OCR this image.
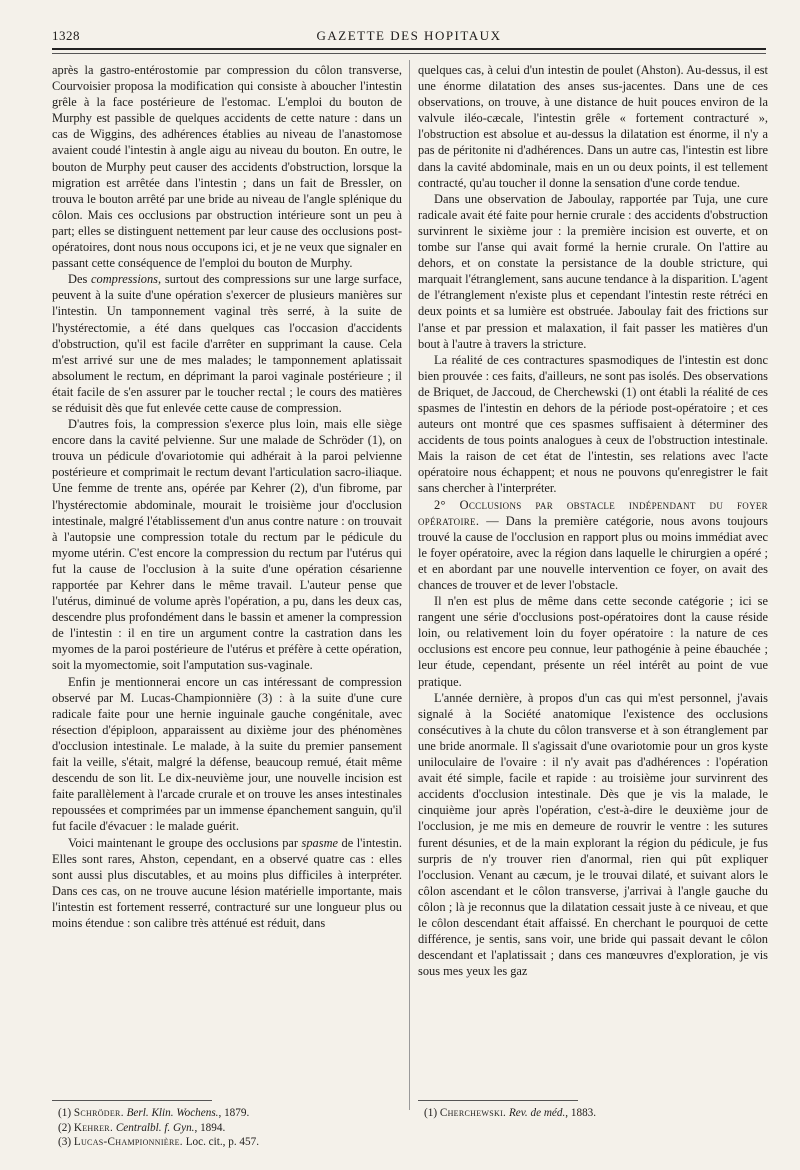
1328	GAZETTE DES HOPITAUX

après la gastro-entérostomie par compression du côlon transverse, Courvoisier proposa la modification qui consiste à aboucher l'intestin grêle à la face postérieure de l'estomac. L'emploi du bouton de Murphy est passible de quelques accidents de cette nature : dans un cas de Wiggins, des adhérences établies au niveau de l'anastomose avaient coudé l'intestin à angle aigu au niveau du bouton. En outre, le bouton de Murphy peut causer des accidents d'obstruction, lorsque la migration est arrêtée dans l'intestin ; dans un fait de Bressler, on trouva le bouton arrêté par une bride au niveau de l'angle splénique du côlon. Mais ces occlusions par obstruction intérieure sont un peu à part; elles se distinguent nettement par leur cause des occlusions post-opératoires, dont nous nous occupons ici, et je ne veux que signaler en passant cette conséquence de l'emploi du bouton de Murphy.

Des compressions, surtout des compressions sur une large surface, peuvent à la suite d'une opération s'exercer de plusieurs manières sur l'intestin. Un tamponnement vaginal très serré, à la suite de l'hystérectomie, a été dans quelques cas l'occasion d'accidents d'obstruction, qu'il est facile d'arrêter en supprimant la cause. Cela m'est arrivé sur une de mes malades; le tamponnement aplatissait absolument le rectum, en déprimant la paroi vaginale postérieure ; il était facile de s'en assurer par le toucher rectal ; le cours des matières se réduisit dès que fut enlevée cette cause de compression.

D'autres fois, la compression s'exerce plus loin, mais elle siège encore dans la cavité pelvienne. Sur une malade de Schröder (1), on trouva un pédicule d'ovariotomie qui adhérait à la paroi pelvienne postérieure et comprimait le rectum devant l'articulation sacro-iliaque. Une femme de trente ans, opérée par Kehrer (2), d'un fibrome, par l'hystérectomie abdominale, mourait le troisième jour d'occlusion intestinale, malgré l'établissement d'un anus contre nature : on trouvait à l'autopsie une compression totale du rectum par le pédicule du myome utérin. C'est encore la compression du rectum par l'utérus qui fut la cause de l'occlusion à la suite d'une opération césarienne rapportée par Kehrer dans le même travail. L'auteur pense que l'utérus, diminué de volume après l'opération, a pu, dans les deux cas, descendre plus profondément dans le bassin et amener la compression de l'intestin : il en tire un argument contre la castration dans les myomes de la paroi postérieure de l'utérus et préfère à cette opération, soit la myomectomie, soit l'amputation sus-vaginale.

Enfin je mentionnerai encore un cas intéressant de compression observé par M. Lucas-Championnière (3) : à la suite d'une cure radicale faite pour une hernie inguinale gauche congénitale, avec résection d'épiploon, apparaissent au dixième jour des phénomènes d'occlusion intestinale. Le malade, à la suite du premier pansement fait la veille, s'était, malgré la défense, beaucoup remué, était même descendu de son lit. Le dix-neuvième jour, une nouvelle incision est faite parallèlement à l'arcade crurale et on trouve les anses intestinales repoussées et comprimées par un immense épanchement sanguin, qu'il fut facile d'évacuer : le malade guérit.

Voici maintenant le groupe des occlusions par spasme de l'intestin. Elles sont rares, Ahston, cependant, en a observé quatre cas : elles sont aussi plus discutables, et au moins plus difficiles à interpréter. Dans ces cas, on ne trouve aucune lésion matérielle importante, mais l'intestin est fortement resserré, contracturé sur une longueur plus ou moins étendue : son calibre très atténué est réduit, dans

quelques cas, à celui d'un intestin de poulet (Ahston). Au-dessus, il est une énorme dilatation des anses sus-jacentes. Dans une de ces observations, on trouve, à une distance de huit pouces environ de la valvule iléo-cæcale, l'intestin grêle « fortement contracturé », l'obstruction est absolue et au-dessus la dilatation est énorme, il n'y a pas de péritonite ni d'adhérences. Dans un autre cas, l'intestin est libre dans la cavité abdominale, mais en un ou deux points, il est tellement contracté, qu'au toucher il donne la sensation d'une corde tendue.

Dans une observation de Jaboulay, rapportée par Tuja, une cure radicale avait été faite pour hernie crurale : des accidents d'obstruction survinrent le sixième jour : la première incision est ouverte, et on tombe sur l'anse qui avait formé la hernie crurale. On l'attire au dehors, et on constate la persistance de la double stricture, qui marquait l'étranglement, sans aucune tendance à la disparition. L'agent de l'étranglement n'existe plus et cependant l'intestin reste rétréci en deux points et sa lumière est obstruée. Jaboulay fait des frictions sur l'anse et par pression et malaxation, il fait passer les matières d'un bout à l'autre à travers la stricture.

La réalité de ces contractures spasmodiques de l'intestin est donc bien prouvée : ces faits, d'ailleurs, ne sont pas isolés. Des observations de Briquet, de Jaccoud, de Cherchewski (1) ont établi la réalité de ces spasmes de l'intestin en dehors de la période post-opératoire ; et ces auteurs ont montré que ces spasmes suffisaient à déterminer des accidents de tous points analogues à ceux de l'obstruction intestinale. Mais la raison de cet état de l'intestin, ses relations avec l'acte opératoire nous échappent; et nous ne pouvons qu'enregistrer le fait sans chercher à l'interpréter.

2° Occlusions par obstacle indépendant du foyer opératoire. — Dans la première catégorie, nous avons toujours trouvé la cause de l'occlusion en rapport plus ou moins immédiat avec le foyer opératoire, avec la région dans laquelle le chirurgien a opéré ; et en abordant par une nouvelle intervention ce foyer, on avait des chances de trouver et de lever l'obstacle.

Il n'en est plus de même dans cette seconde catégorie ; ici se rangent une série d'occlusions post-opératoires dont la cause réside loin, ou relativement loin du foyer opératoire : la nature de ces occlusions est encore peu connue, leur pathogénie à peine ébauchée ; leur étude, cependant, présente un réel intérêt au point de vue pratique.

L'année dernière, à propos d'un cas qui m'est personnel, j'avais signalé à la Société anatomique l'existence des occlusions consécutives à la chute du côlon transverse et à son étranglement par une bride anormale. Il s'agissait d'une ovariotomie pour un gros kyste uniloculaire de l'ovaire : il n'y avait pas d'adhérences : l'opération avait été simple, facile et rapide : au troisième jour survinrent des accidents d'occlusion intestinale. Dès que je vis la malade, le cinquième jour après l'opération, c'est-à-dire le deuxième jour de l'occlusion, je me mis en demeure de rouvrir le ventre : les sutures furent désunies, et de la main explorant la région du pédicule, je fus surpris de n'y trouver rien d'anormal, rien qui pût expliquer l'occlusion. Venant au cæcum, je le trouvai dilaté, et suivant alors le côlon ascendant et le côlon transverse, j'arrivai à l'angle gauche du côlon ; là je reconnus que la dilatation cessait juste à ce niveau, et que le côlon descendant était affaissé. En cherchant le pourquoi de cette différence, je sentis, sans voir, une bride qui passait devant le côlon descendant et l'aplatissait ; dans ces manœuvres d'exploration, je vis sous mes yeux les gaz

(1) Schröder. Berl. Klin. Wochens., 1879.
(2) Kehrer. Centralbl. f. Gyn., 1894.
(3) Lucas-Championnière. Loc. cit., p. 457.
(1) Cherchewski. Rev. de méd., 1883.
